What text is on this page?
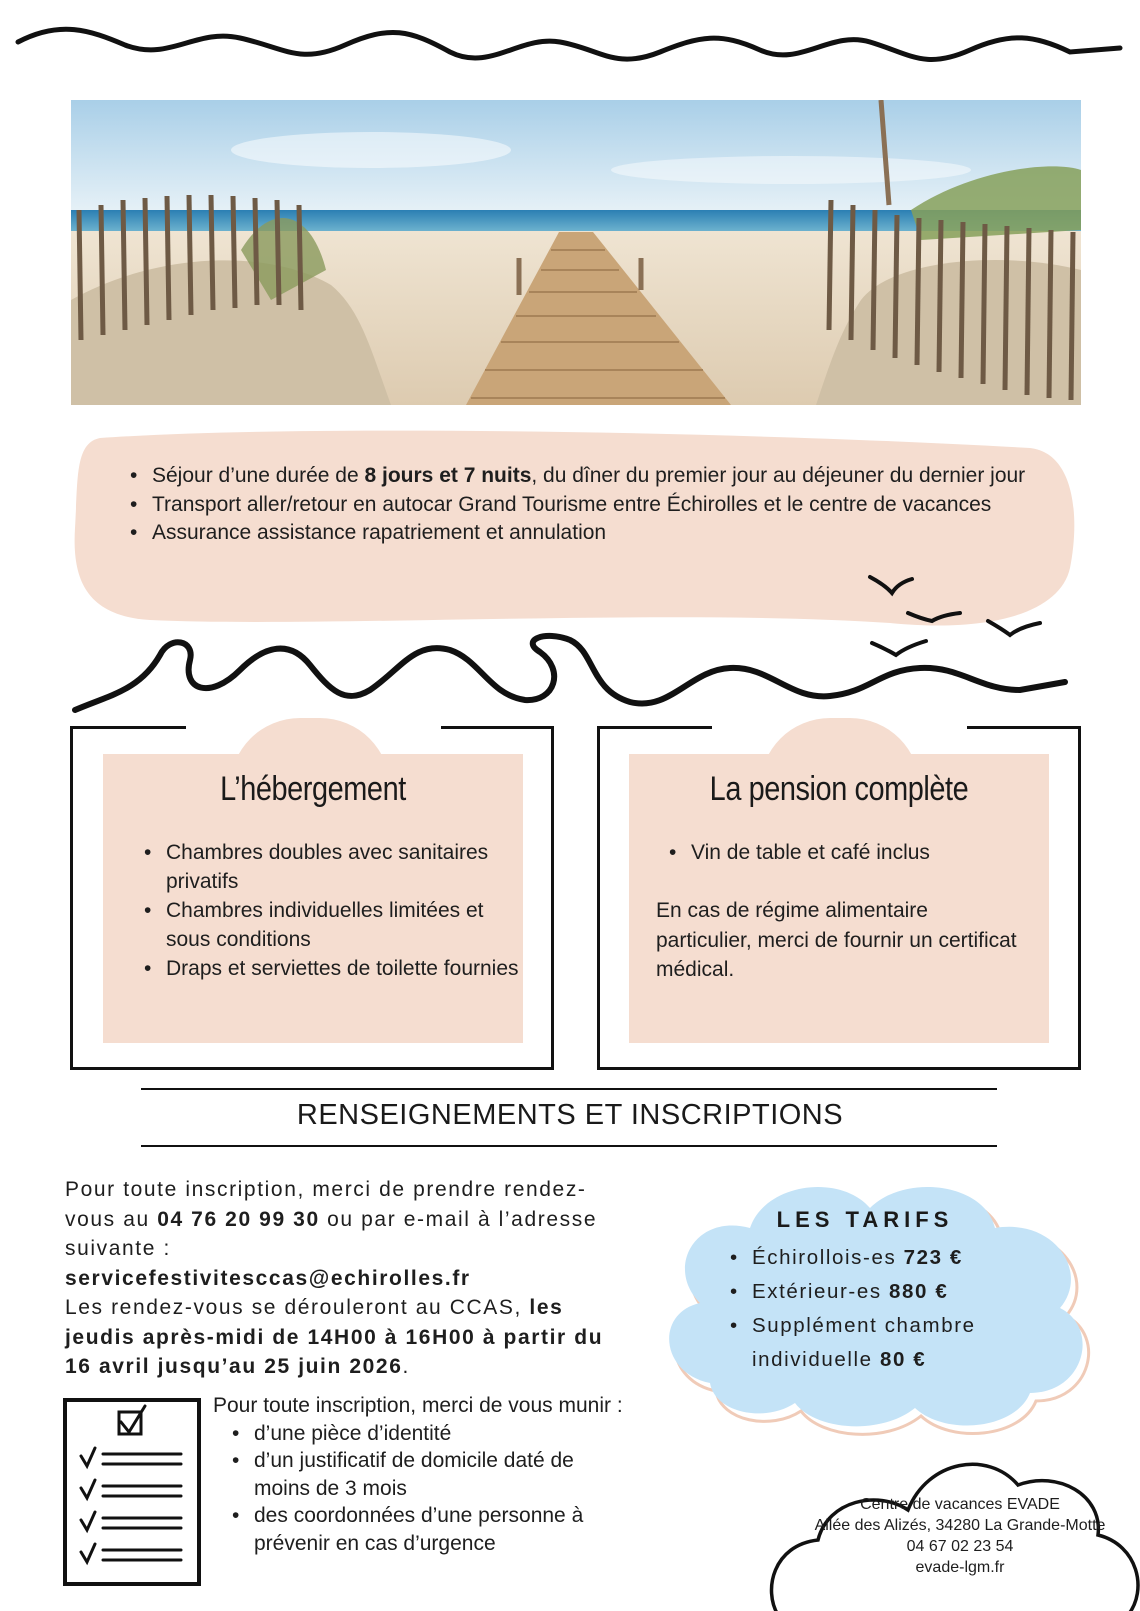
• Séjour d’une durée de 8 jours et 7 nuits, du dîner du premier jour au déjeuner du dernier jour
• Transport aller/retour en autocar Grand Tourisme entre Échirolles et le centre de vacances
• Assurance assistance rapatriement et annulation
L’hébergement
• Chambres doubles avec sanitaires privatifs
• Chambres individuelles limitées et sous conditions
• Draps et serviettes de toilette fournies
La pension complète
• Vin de table et café inclus

En cas de régime alimentaire particulier, merci de fournir un certificat médical.

RENSEIGNEMENTS ET INSCRIPTIONS

Pour toute inscription, merci de prendre rendez-vous au 04 76 20 99 30 ou par e-mail à l’adresse suivante :
servicefestivitesccas@echirolles.fr
Les rendez-vous se dérouleront au CCAS, les jeudis après-midi de 14H00 à 16H00 à partir du 16 avril jusqu’au 25 juin 2026.

LES TARIFS
• Échirollois-es 723 €
• Extérieur-es 880 €
• Supplément chambre individuelle 80 €

Pour toute inscription, merci de vous munir :

• d’une pièce d’identité
• d’un justificatif de domicile daté de moins de 3 mois
• des coordonnées d’une personne à prévenir en cas d’urgence
Centre de vacances EVADE
Allée des Alizés, 34280 La Grande-Motte
04 67 02 23 54
evade-lgm.fr
